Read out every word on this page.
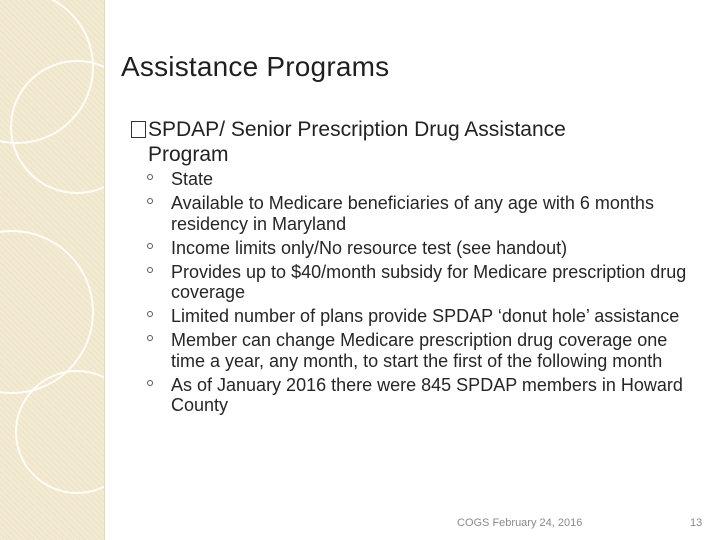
Assistance Programs
SPDAP/ Senior Prescription Drug Assistance
Program
State
Available to Medicare beneficiaries of any age with 6 months residency in Maryland
Income limits only/No resource test (see handout)
Provides up to $40/month subsidy for Medicare prescription drug coverage
Limited number of plans provide SPDAP ‘donut hole’ assistance
Member can change Medicare prescription drug coverage one time a year, any month, to start the first of the following month
As of January 2016 there were 845 SPDAP members in Howard County
COGS February 24, 2016	13
